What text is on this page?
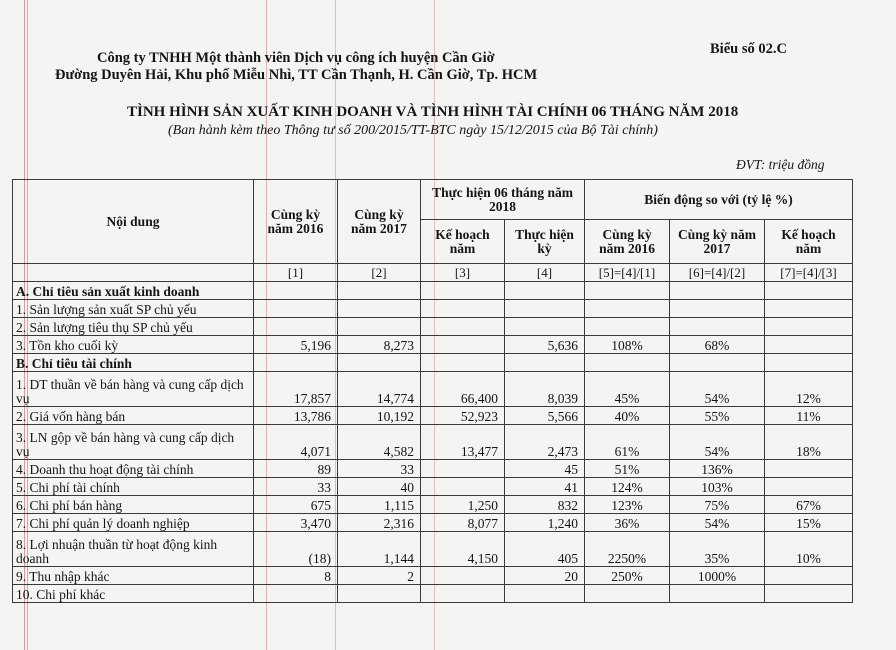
Công ty TNHH Một thành viên Dịch vụ công ích huyện Cần Giờ
Đường Duyên Hải, Khu phố Miễu Nhì, TT Cần Thạnh, H. Cần Giờ, Tp. HCM
Biểu số 02.C
TÌNH HÌNH SẢN XUẤT KINH DOANH VÀ TÌNH HÌNH TÀI CHÍNH 06 THÁNG NĂM 2018
(Ban hành kèm theo Thông tư số 200/2015/TT-BTC ngày 15/12/2015 của Bộ Tài chính)
ĐVT: triệu đồng
Nội dung	Cùng kỳ năm 2016	Cùng kỳ năm 2017	Thực hiện 06 tháng năm 2018		Biến động so với (tỷ lệ %)		
			Kế hoạch năm	Thực hiện kỳ	Cùng kỳ năm 2016	Cùng kỳ năm 2017	Kế hoạch năm
	[1]	[2]	[3]	[4]	[5]=[4]/[1]	[6]=[4]/[2]	[7]=[4]/[3]
A. Chỉ tiêu sản xuất kinh doanh							
1. Sản lượng sản xuất SP chủ yếu							
2. Sản lượng tiêu thụ SP chủ yếu							
3. Tồn kho cuối kỳ	5,196	8,273		5,636	108%	68%	
B. Chỉ tiêu tài chính							
1. DT thuần về bán hàng và cung cấp dịch vụ	17,857	14,774	66,400	8,039	45%	54%	12%
2. Giá vốn hàng bán	13,786	10,192	52,923	5,566	40%	55%	11%
3. LN gộp về bán hàng và cung cấp dịch vụ	4,071	4,582	13,477	2,473	61%	54%	18%
4. Doanh thu hoạt động tài chính	89	33		45	51%	136%	
5. Chi phí tài chính	33	40		41	124%	103%	
6. Chi phí bán hàng	675	1,115	1,250	832	123%	75%	67%
7. Chi phí quản lý doanh nghiệp	3,470	2,316	8,077	1,240	36%	54%	15%
8. Lợi nhuận thuần từ hoạt động kinh doanh	(18)	1,144	4,150	405	2250%	35%	10%
9. Thu nhập khác	8	2		20	250%	1000%	
10. Chi phí khác							
